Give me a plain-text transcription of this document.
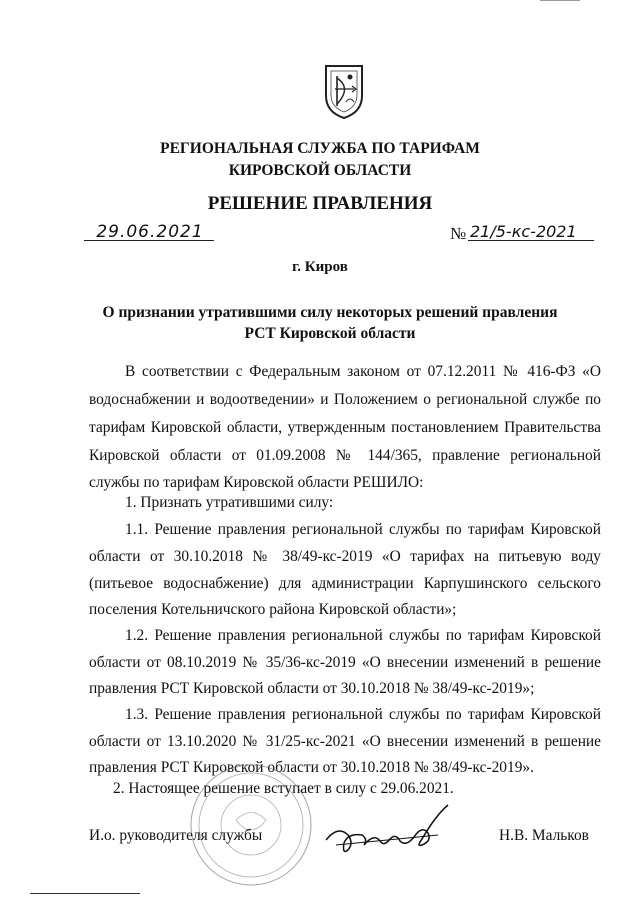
РЕГИОНАЛЬНАЯ СЛУЖБА ПО ТАРИФАМ
КИРОВСКОЙ ОБЛАСТИ
РЕШЕНИЕ ПРАВЛЕНИЯ
29.06.2021	№ 21/5-кс-2021
г. Киров
О признании утратившими силу некоторых решений правления
РСТ Кировской области
В соответствии с Федеральным законом от 07.12.2011 № 416-ФЗ «О
водоснабжении и водоотведении» и Положением о региональной службе по
тарифам Кировской области, утвержденным постановлением Правительства
Кировской области от 01.09.2008 № 144/365, правление региональной
службы по тарифам Кировской области РЕШИЛО:
1. Признать утратившими силу:
1.1. Решение правления региональной службы по тарифам Кировской
области от 30.10.2018 № 38/49-кс-2019 «О тарифах на питьевую воду
(питьевое водоснабжение) для администрации Карпушинского сельского
поселения Котельничского района Кировской области»;
1.2. Решение правления региональной службы по тарифам Кировской
области от 08.10.2019 № 35/36-кс-2019 «О внесении изменений в решение
правления РСТ Кировской области от 30.10.2018 № 38/49-кс-2019»;
1.3. Решение правления региональной службы по тарифам Кировской
области от 13.10.2020 № 31/25-кс-2021 «О внесении изменений в решение
правления РСТ Кировской области от 30.10.2018 № 38/49-кс-2019».
2. Настоящее решение вступает в силу с 29.06.2021.
И.о. руководителя службы	Н.В. Мальков
